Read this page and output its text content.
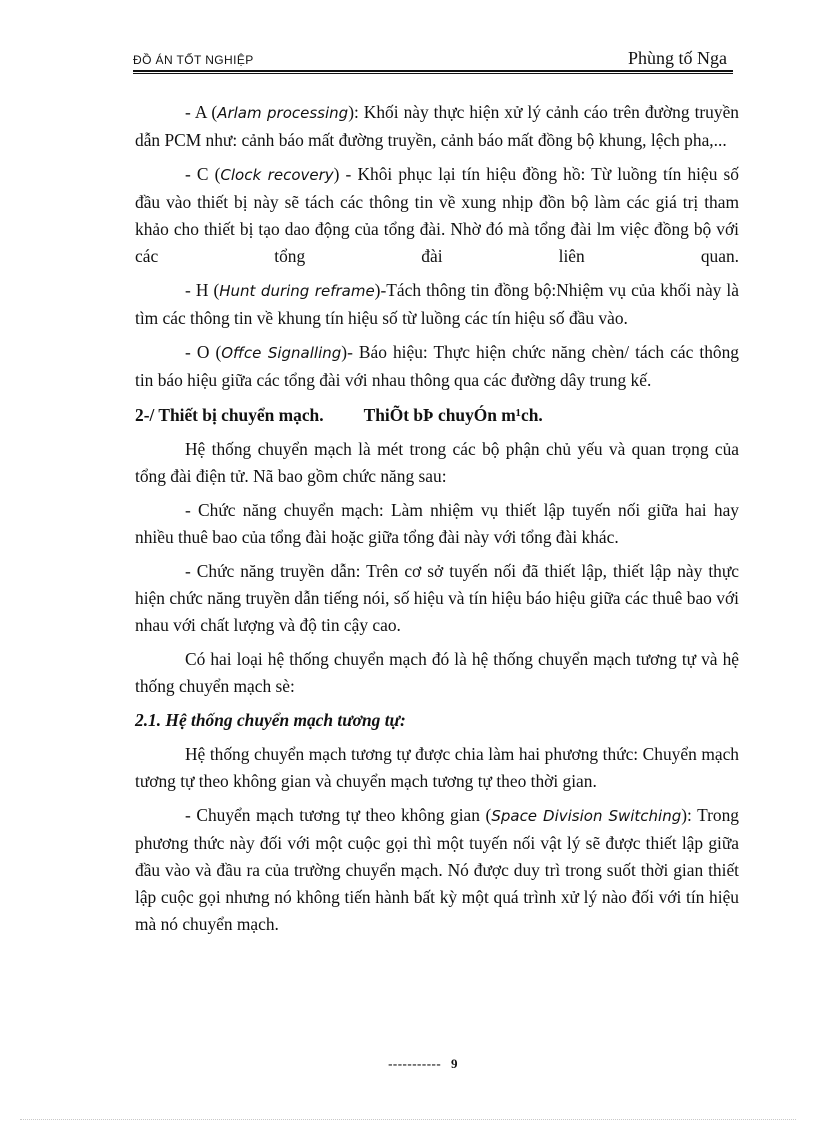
ĐỒ ÁN TỐT NGHIỆP	Phùng tố Nga

- A (Arlam processing): Khối này thực hiện xử lý cảnh cáo trên đường truyền dẫn PCM như: cảnh báo mất đường truyền, cảnh báo mất đồng bộ khung, lệch pha,...

- C (Clock recovery) - Khôi phục lại tín hiệu đồng hồ: Từ luồng tín hiệu số đầu vào thiết bị này sẽ tách các thông tin về xung nhịp đồn bộ làm các giá trị tham khảo cho thiết bị tạo dao động của tổng đài. Nhờ đó mà tổng đài lm việc đồng bộ với các tổng đài liên quan.

- H (Hunt during reframe)-Tách thông tin đồng bộ:Nhiệm vụ của khối này là tìm các thông tin về khung tín hiệu số từ luồng các tín hiệu số đầu vào.

- O (Offce Signalling)- Báo hiệu: Thực hiện chức năng chèn/ tách các thông tin báo hiệu giữa các tổng đài với nhau thông qua các đường dây trung kế.

2-/ Thiết bị chuyển mạch. ThiÕt bÞ chuyÓn m¹ch.

Hệ thống chuyển mạch là mét trong các bộ phận chủ yếu và quan trọng của tổng đài điện tử. Nã bao gồm chức năng sau:

- Chức năng chuyển mạch: Làm nhiệm vụ thiết lập tuyến nối giữa hai hay nhiều thuê bao của tổng đài hoặc giữa tổng đài này với tổng đài khác.

- Chức năng truyền dẫn: Trên cơ sở tuyến nối đã thiết lập, thiết lập này thực hiện chức năng truyền dẫn tiếng nói, số hiệu và tín hiệu báo hiệu giữa các thuê bao với nhau với chất lượng và độ tin cậy cao.

Có hai loại hệ thống chuyển mạch đó là hệ thống chuyển mạch tương tự và hệ thống chuyển mạch sè:

2.1. Hệ thống chuyển mạch tương tự:

Hệ thống chuyển mạch tương tự được chia làm hai phương thức: Chuyển mạch tương tự theo không gian và chuyển mạch tương tự theo thời gian.

- Chuyển mạch tương tự theo không gian (Space Division Switching): Trong phương thức này đối với một cuộc gọi thì một tuyến nối vật lý sẽ được thiết lập giữa đầu vào và đầu ra của trường chuyển mạch. Nó được duy trì trong suốt thời gian thiết lập cuộc gọi nhưng nó không tiến hành bất kỳ một quá trình xử lý nào đối với tín hiệu mà nó chuyển mạch.

----------- 9
